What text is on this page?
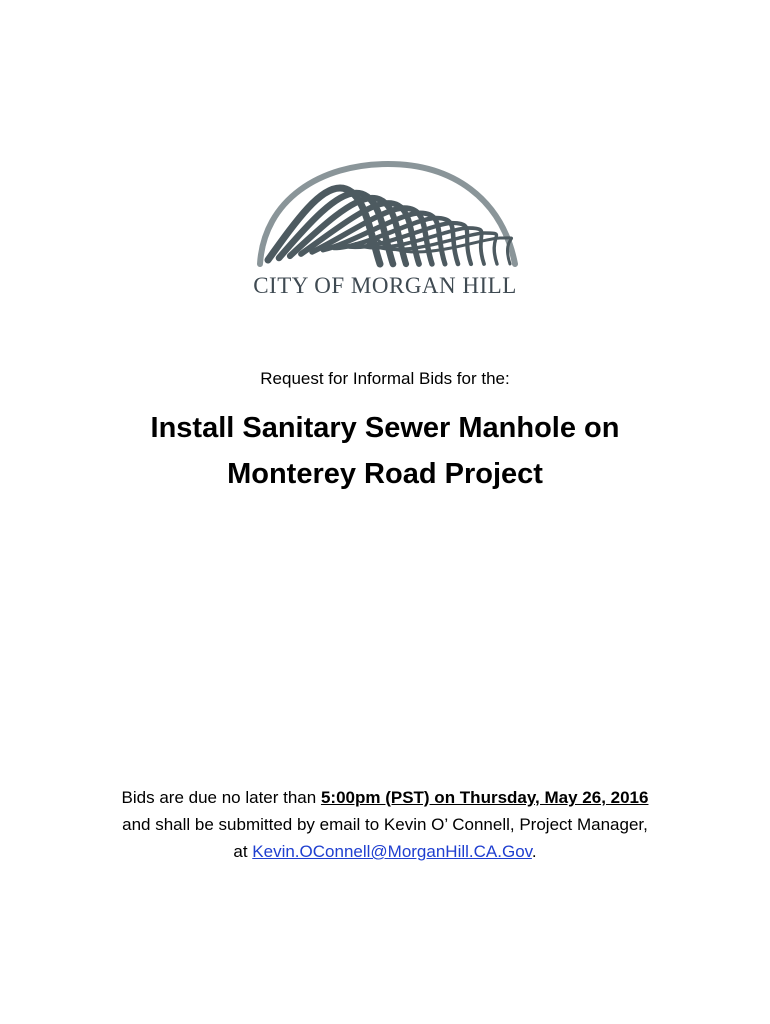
CITY OF MORGAN HILL
Request for Informal Bids for the:
Install Sanitary Sewer Manhole on
Monterey Road Project
Bids are due no later than 5:00pm (PST) on Thursday, May 26, 2016
and shall be submitted by email to Kevin O’ Connell, Project Manager,
at Kevin.OConnell@MorganHill.CA.Gov.
